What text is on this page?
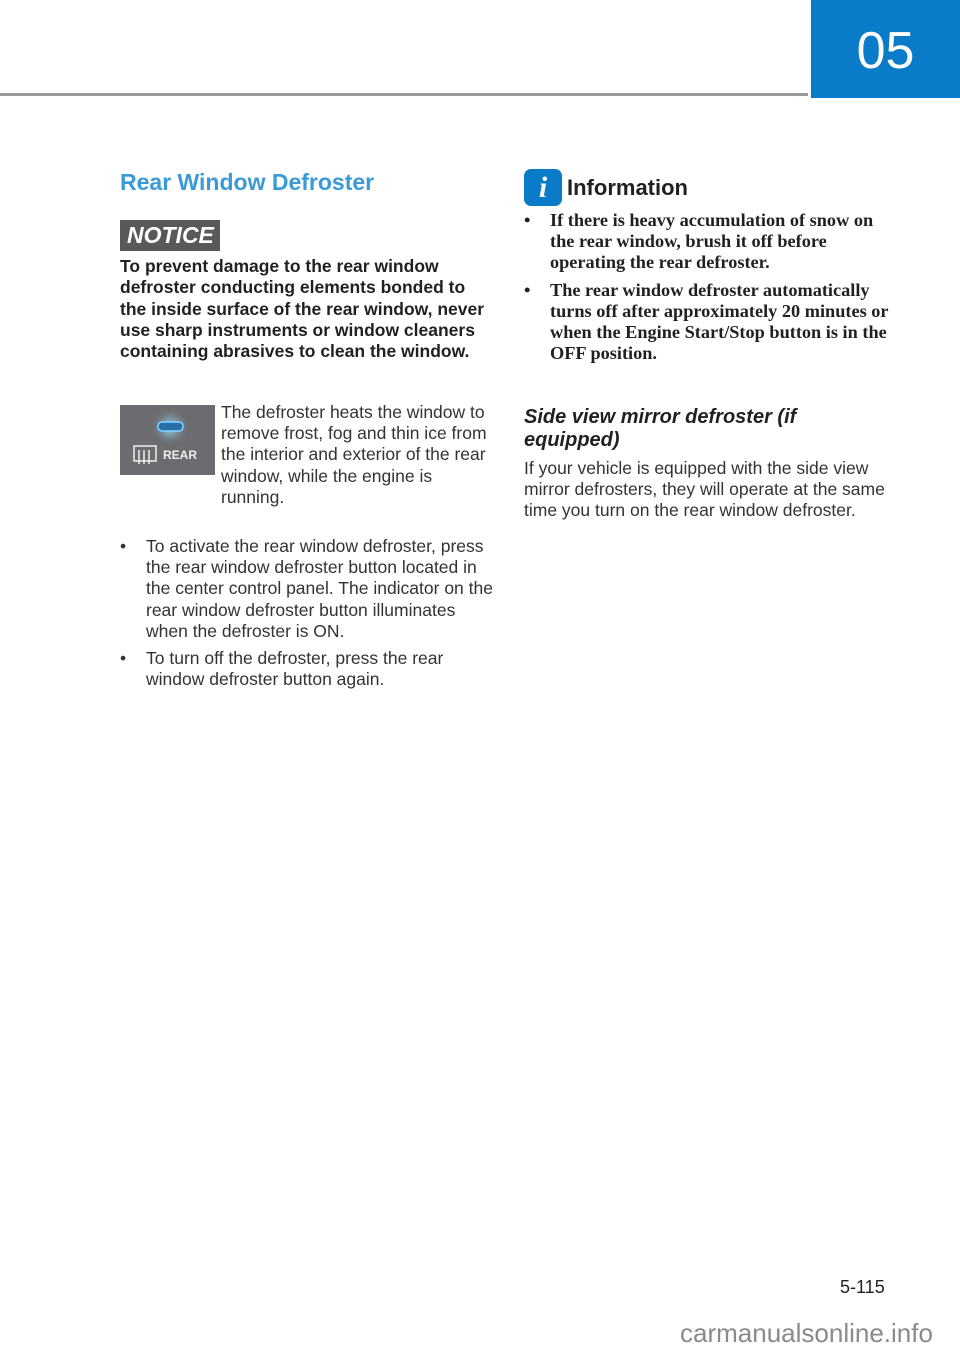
05
Rear Window Defroster
NOTICE
To prevent damage to the rear window defroster conducting elements bonded to the inside surface of the rear window, never use sharp instruments or window cleaners containing abrasives to clean the window.
REAR
The defroster heats the window to remove frost, fog and thin ice from the interior and exterior of the rear window, while the engine is running.
• To activate the rear window defroster, press the rear window defroster button located in the center control panel. The indicator on the rear window defroster button illuminates when the defroster is ON.
• To turn off the defroster, press the rear window defroster button again.
i Information
• If there is heavy accumulation of snow on the rear window, brush it off before operating the rear defroster.
• The rear window defroster automatically turns off after approximately 20 minutes or when the Engine Start/Stop button is in the OFF position.
Side view mirror defroster (if equipped)
If your vehicle is equipped with the side view mirror defrosters, they will operate at the same time you turn on the rear window defroster.
5-115
carmanualsonline.info
